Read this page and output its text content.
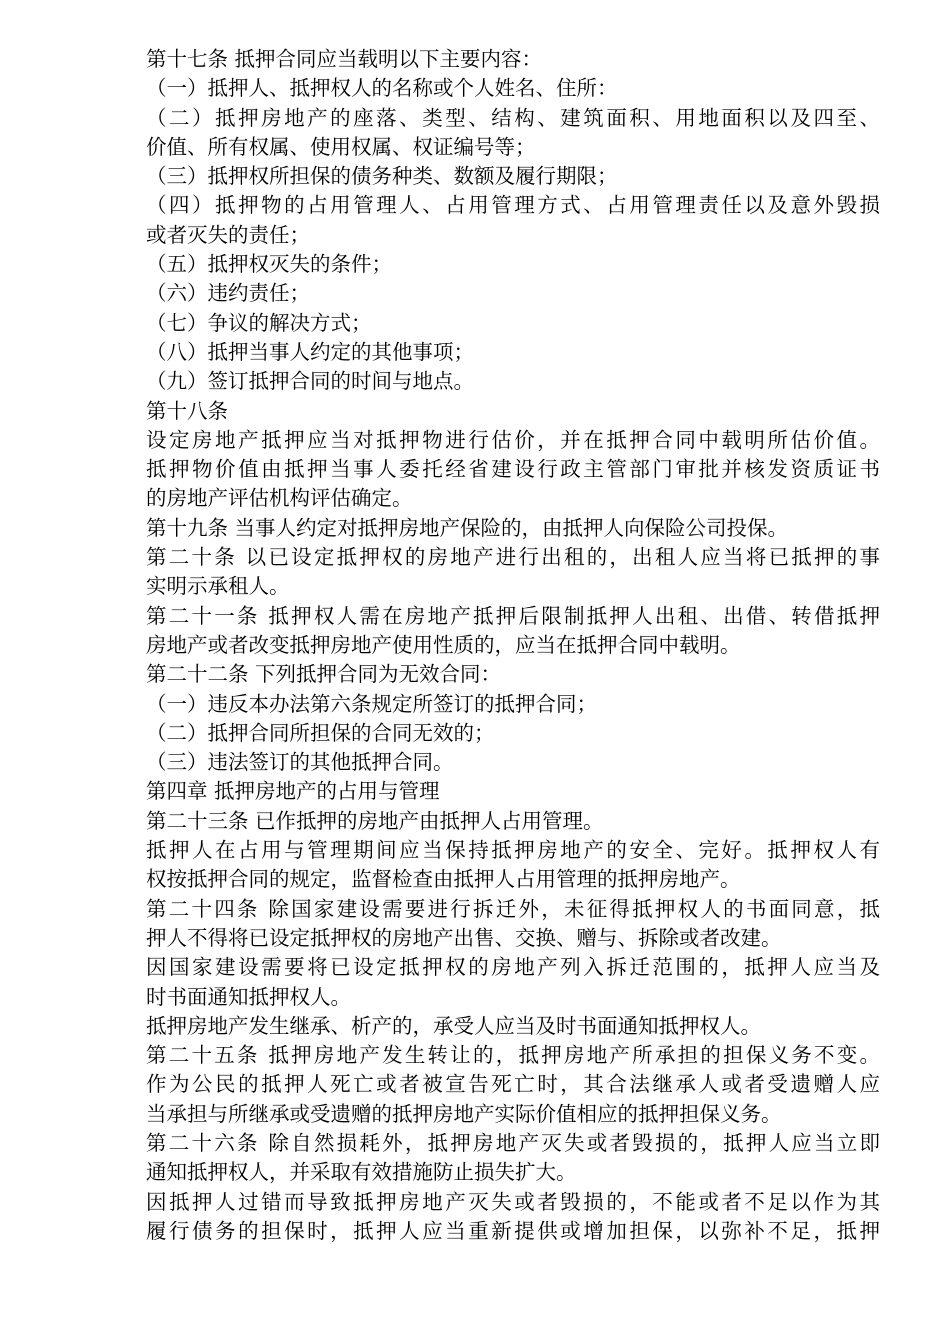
第十七条 抵押合同应当载明以下主要内容：
（一）抵押人、抵押权人的名称或个人姓名、住所：
（二）抵押房地产的座落、类型、结构、建筑面积、用地面积以及四至、
价值、所有权属、使用权属、权证编号等；
（三）抵押权所担保的债务种类、数额及履行期限；
（四）抵押物的占用管理人、占用管理方式、占用管理责任以及意外毁损
或者灭失的责任；
（五）抵押权灭失的条件；
（六）违约责任；
（七）争议的解决方式；
（八）抵押当事人约定的其他事项；
（九）签订抵押合同的时间与地点。
第十八条
设定房地产抵押应当对抵押物进行估价，并在抵押合同中载明所估价值。
抵押物价值由抵押当事人委托经省建设行政主管部门审批并核发资质证书
的房地产评估机构评估确定。
第十九条 当事人约定对抵押房地产保险的，由抵押人向保险公司投保。
第二十条 以已设定抵押权的房地产进行出租的，出租人应当将已抵押的事
实明示承租人。
第二十一条 抵押权人需在房地产抵押后限制抵押人出租、出借、转借抵押
房地产或者改变抵押房地产使用性质的，应当在抵押合同中载明。
第二十二条 下列抵押合同为无效合同：
（一）违反本办法第六条规定所签订的抵押合同；
（二）抵押合同所担保的合同无效的；
（三）违法签订的其他抵押合同。
第四章 抵押房地产的占用与管理
第二十三条 已作抵押的房地产由抵押人占用管理。
抵押人在占用与管理期间应当保持抵押房地产的安全、完好。抵押权人有
权按抵押合同的规定，监督检查由抵押人占用管理的抵押房地产。
第二十四条 除国家建设需要进行拆迁外，未征得抵押权人的书面同意，抵
押人不得将已设定抵押权的房地产出售、交换、赠与、拆除或者改建。
因国家建设需要将已设定抵押权的房地产列入拆迁范围的，抵押人应当及
时书面通知抵押权人。
抵押房地产发生继承、析产的，承受人应当及时书面通知抵押权人。
第二十五条 抵押房地产发生转让的，抵押房地产所承担的担保义务不变。
作为公民的抵押人死亡或者被宣告死亡时，其合法继承人或者受遗赠人应
当承担与所继承或受遗赠的抵押房地产实际价值相应的抵押担保义务。
第二十六条 除自然损耗外，抵押房地产灭失或者毁损的，抵押人应当立即
通知抵押权人，并采取有效措施防止损失扩大。
因抵押人过错而导致抵押房地产灭失或者毁损的，不能或者不足以作为其
履行债务的担保时，抵押人应当重新提供或增加担保，以弥补不足，抵押
